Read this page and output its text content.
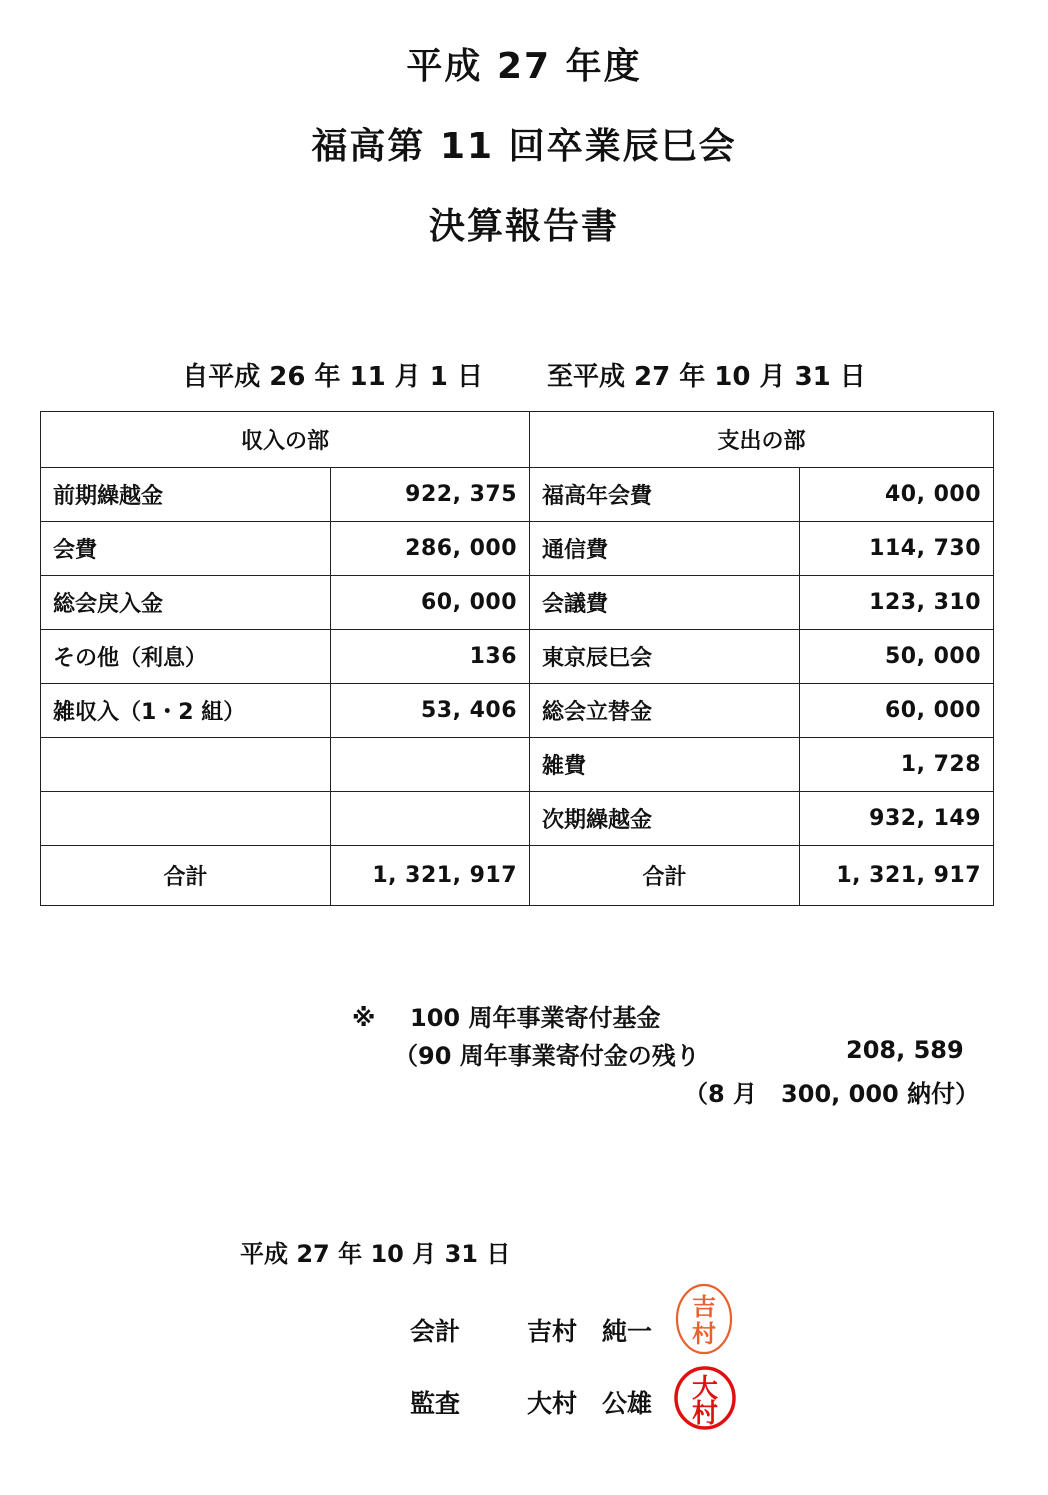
平成 27 年度
福高第 11 回卒業辰巳会
決算報告書
自平成 26 年 11 月 1 日 至平成 27 年 10 月 31 日
収入の部		支出の部	
前期繰越金	922, 375	福高年会費	40, 000
会費	286, 000	通信費	114, 730
総会戻入金	60, 000	会議費	123, 310
その他（利息）	136	東京辰巳会	50, 000
雑収入（1・2 組）	53, 406	総会立替金	60, 000
		雑費	1, 728
		次期繰越金	932, 149
合計	1, 321, 917	合計	1, 321, 917
※ 100 周年事業寄付基金
（90 周年事業寄付金の残り	208, 589
（8 月　300, 000 納付）
平成 27 年 10 月 31 日
会計	吉村　純一
監査	大村　公雄
吉
村
大
村
